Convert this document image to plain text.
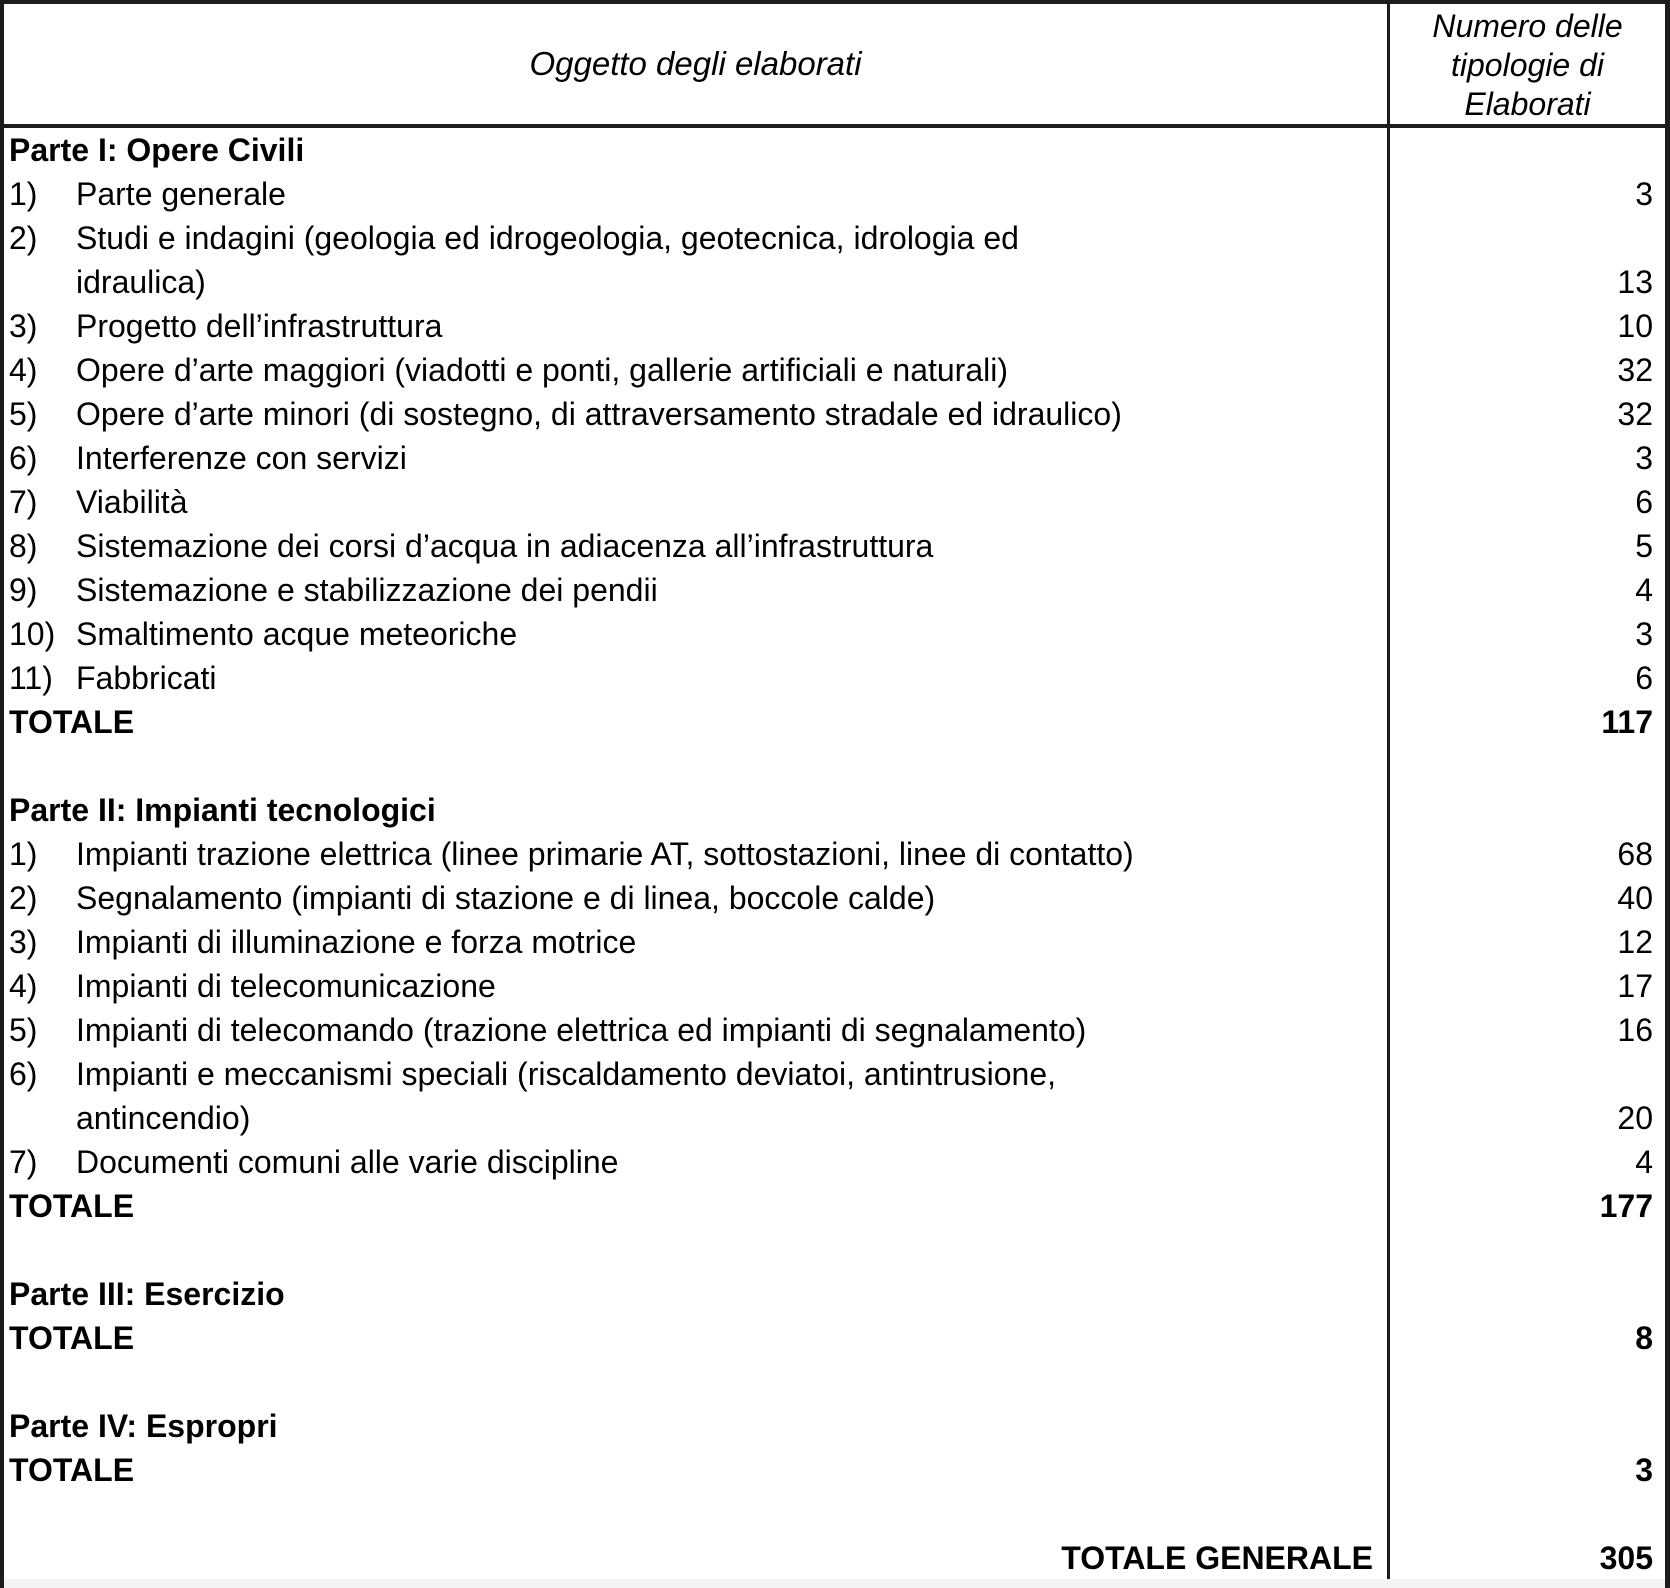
Oggetto degli elaborati
Numero delle
tipologie di
Elaborati
Parte I: Opere Civili
1)	Parte generale	3
2)	Studi e indagini (geologia ed idrogeologia, geotecnica, idrologia ed
idraulica)	13
3)	Progetto dell’infrastruttura	10
4)	Opere d’arte maggiori (viadotti e ponti, gallerie artificiali e naturali)	32
5)	Opere d’arte minori (di sostegno, di attraversamento stradale ed idraulico)	32
6)	Interferenze con servizi	3
7)	Viabilità	6
8)	Sistemazione dei corsi d’acqua in adiacenza all’infrastruttura	5
9)	Sistemazione e stabilizzazione dei pendii	4
10) Smaltimento acque meteoriche	3
11) Fabbricati	6
TOTALE	117
Parte II: Impianti tecnologici
1)	Impianti trazione elettrica (linee primarie AT, sottostazioni, linee di contatto)	68
2)	Segnalamento (impianti di stazione e di linea, boccole calde)	40
3)	Impianti di illuminazione e forza motrice	12
4)	Impianti di telecomunicazione	17
5)	Impianti di telecomando (trazione elettrica ed impianti di segnalamento)	16
6)	Impianti e meccanismi speciali (riscaldamento deviatoi, antintrusione,
antincendio)	20
7)	Documenti comuni alle varie discipline	4
TOTALE	177
Parte III: Esercizio
TOTALE	8
Parte IV: Espropri
TOTALE	3
TOTALE GENERALE	305
